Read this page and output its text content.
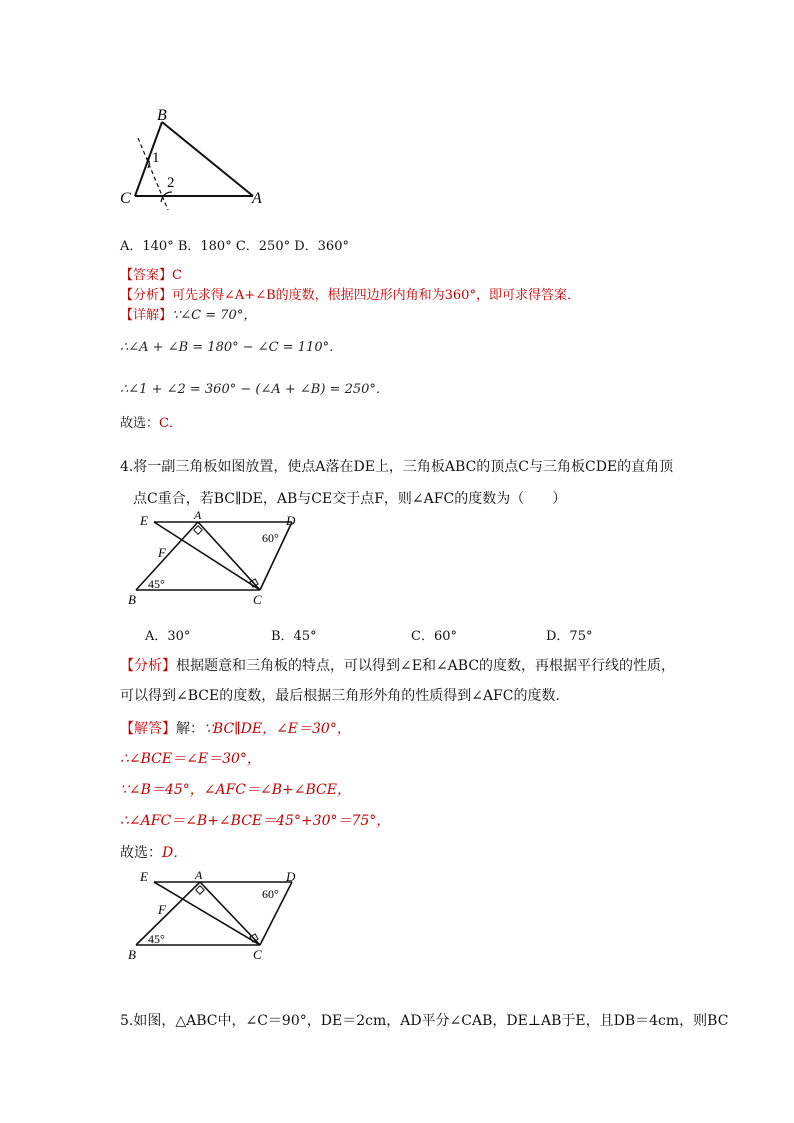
B
C	A
1
2
A．140° B．180° C．250° D．360°
【答案】C
【分析】可先求得∠A+∠B的度数，根据四边形内角和为360°，即可求得答案．
【详解】∵∠C = 70°，
∴∠A + ∠B = 180° − ∠C = 110°．
∴∠1 + ∠2 = 360° − (∠A + ∠B) = 250°．
故选：C．
4.将一副三角板如图放置，使点A落在DE上，三角板ABC的顶点C与三角板CDE的直角顶
点C重合，若BC∥DE，AB与CE交于点F，则∠AFC的度数为（　　）
E	A	D
F
B	C
60°
45°
A．30°	B．45°	C．60°	D．75°
【分析】根据题意和三角板的特点，可以得到∠E和∠ABC的度数，再根据平行线的性质，
可以得到∠BCE的度数，最后根据三角形外角的性质得到∠AFC的度数．
【解答】解：∵BC∥DE，∠E＝30°，
∴∠BCE＝∠E＝30°，
∵∠B＝45°，∠AFC＝∠B+∠BCE，
∴∠AFC＝∠B+∠BCE＝45°+30°＝75°，
故选：D．
E	A	D
F
B	C
60°
45°
5.如图，△ABC中，∠C＝90°，DE＝2cm，AD平分∠CAB，DE⊥AB于E，且DB＝4cm，则BC
